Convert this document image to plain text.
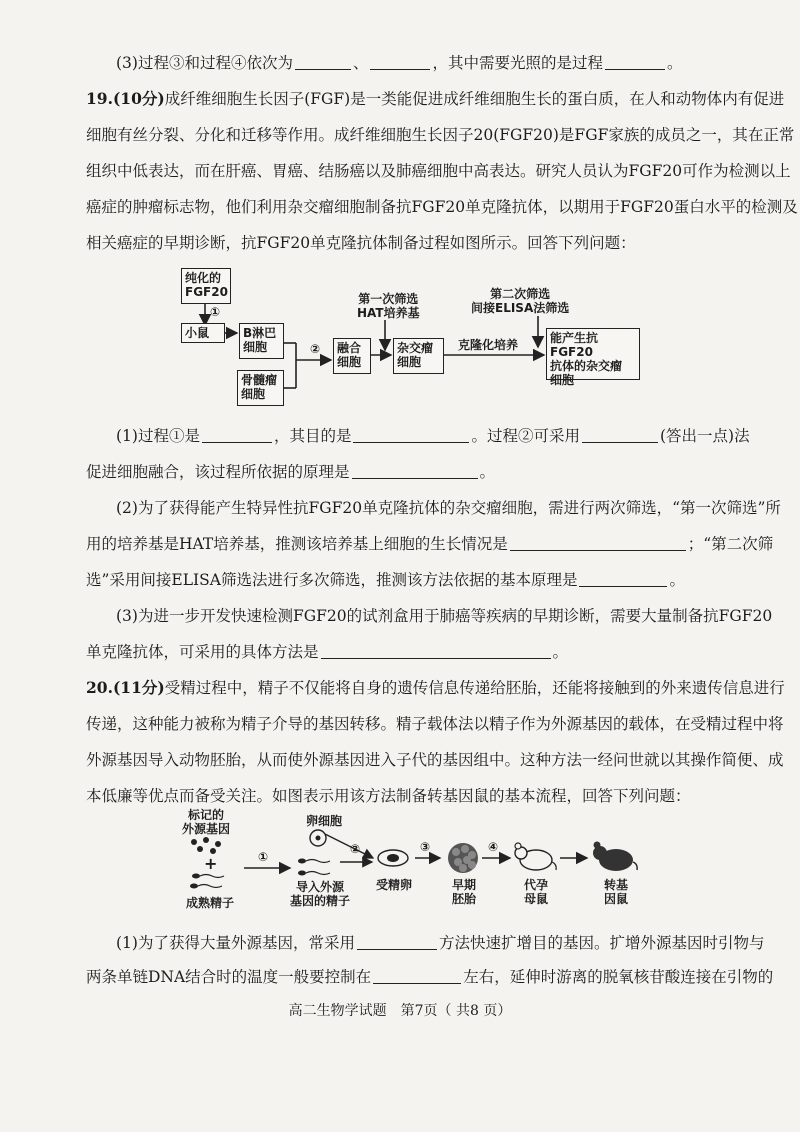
(3)过程③和过程④依次为	、	，其中需要光照的是过程	。
19.(10分)成纤维细胞生长因子(FGF)是一类能促进成纤维细胞生长的蛋白质，在人和动物体内有促进
细胞有丝分裂、分化和迁移等作用。成纤维细胞生长因子20(FGF20)是FGF家族的成员之一，其在正常
组织中低表达，而在肝癌、胃癌、结肠癌以及肺癌细胞中高表达。研究人员认为FGF20可作为检测以上
癌症的肿瘤标志物，他们利用杂交瘤细胞制备抗FGF20单克隆抗体，以期用于FGF20蛋白水平的检测及
相关癌症的早期诊断，抗FGF20单克隆抗体制备过程如图所示。回答下列问题：
纯化的
FGF20
①
小鼠	B淋巴
细胞
骨髓瘤
细胞
② 融合
细胞
第一次筛选
HAT培养基
杂交瘤
细胞
克隆化培养
第二次筛选
间接ELISA法筛选
能产生抗FGF20
抗体的杂交瘤
细胞
(1)过程①是	，其目的是	。过程②可采用	(答出一点)法
促进细胞融合，该过程所依据的原理是	。
(2)为了获得能产生特异性抗FGF20单克隆抗体的杂交瘤细胞，需进行两次筛选，“第一次筛选”所
用的培养基是HAT培养基，推测该培养基上细胞的生长情况是	；“第二次筛
选”采用间接ELISA筛选法进行多次筛选，推测该方法依据的基本原理是	。
(3)为进一步开发快速检测FGF20的试剂盒用于肺癌等疾病的早期诊断，需要大量制备抗FGF20
单克隆抗体，可采用的具体方法是	。
20.(11分)受精过程中，精子不仅能将自身的遗传信息传递给胚胎，还能将接触到的外来遗传信息进行
传递，这种能力被称为精子介导的基因转移。精子载体法以精子作为外源基因的载体，在受精过程中将
外源基因导入动物胚胎，从而使外源基因进入子代的基因组中。这种方法一经问世就以其操作简便、成
本低廉等优点而备受关注。如图表示用该方法制备转基因鼠的基本流程，回答下列问题：
标记的
外源基因
+
成熟精子
①
卵细胞
②
导入外源
基因的精子
受精卵
③
早期
胚胎
④
代孕
母鼠
转基
因鼠
(1)为了获得大量外源基因，常采用	方法快速扩增目的基因。扩增外源基因时引物与
两条单链DNA结合时的温度一般要控制在	左右，延伸时游离的脱氧核苷酸连接在引物的
高二生物学试题　第7页（ 共8 页）
